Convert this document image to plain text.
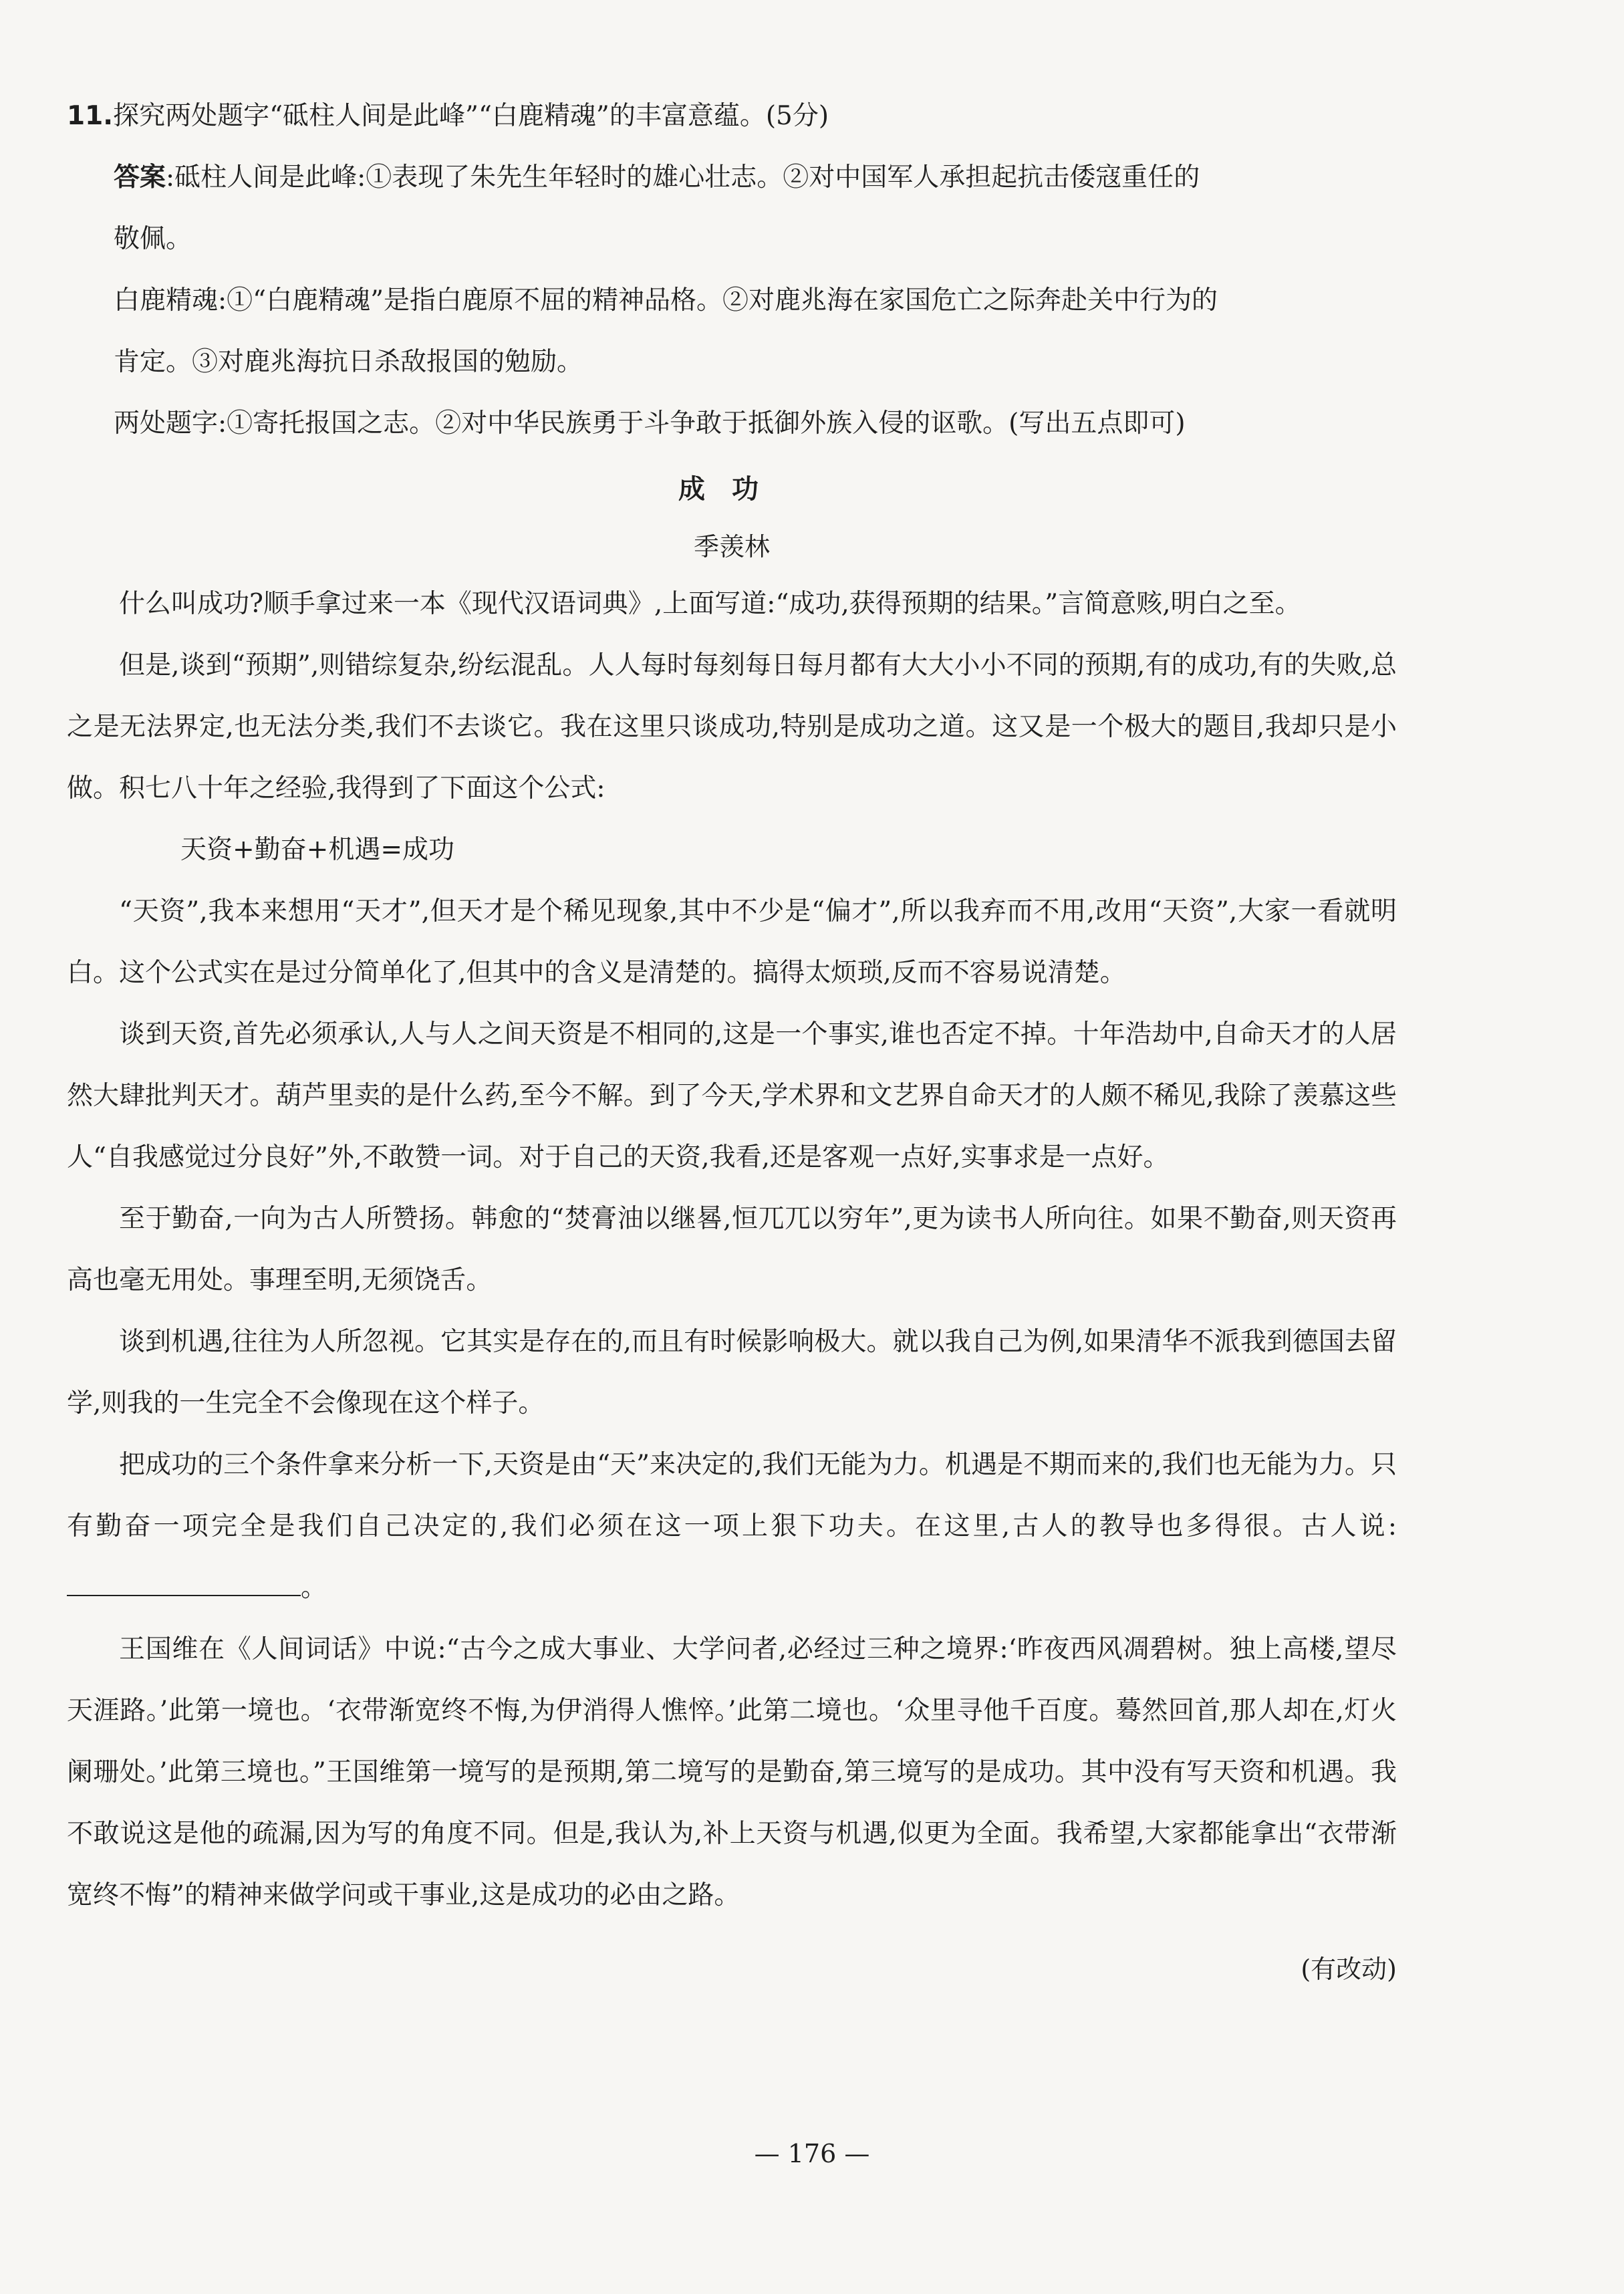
11.探究两处题字“砥柱人间是此峰”“白鹿精魂”的丰富意蕴。(5分)
答案:砥柱人间是此峰:①表现了朱先生年轻时的雄心壮志。②对中国军人承担起抗击倭寇重任的
敬佩。
白鹿精魂:①“白鹿精魂”是指白鹿原不屈的精神品格。②对鹿兆海在家国危亡之际奔赴关中行为的
肯定。③对鹿兆海抗日杀敌报国的勉励。
两处题字:①寄托报国之志。②对中华民族勇于斗争敢于抵御外族入侵的讴歌。(写出五点即可)
成功
季羡林
什么叫成功?顺手拿过来一本《现代汉语词典》,上面写道:“成功,获得预期的结果。”言简意赅,明白之至。
但是,谈到“预期”,则错综复杂,纷纭混乱。人人每时每刻每日每月都有大大小小不同的预期,有的成功,有的失败,总之是无法界定,也无法分类,我们不去谈它。我在这里只谈成功,特别是成功之道。这又是一个极大的题目,我却只是小做。积七八十年之经验,我得到了下面这个公式:
天资+勤奋+机遇=成功
“天资”,我本来想用“天才”,但天才是个稀见现象,其中不少是“偏才”,所以我弃而不用,改用“天资”,大家一看就明白。这个公式实在是过分简单化了,但其中的含义是清楚的。搞得太烦琐,反而不容易说清楚。
谈到天资,首先必须承认,人与人之间天资是不相同的,这是一个事实,谁也否定不掉。十年浩劫中,自命天才的人居然大肆批判天才。葫芦里卖的是什么药,至今不解。到了今天,学术界和文艺界自命天才的人颇不稀见,我除了羡慕这些人“自我感觉过分良好”外,不敢赞一词。对于自己的天资,我看,还是客观一点好,实事求是一点好。
至于勤奋,一向为古人所赞扬。韩愈的“焚膏油以继晷,恒兀兀以穷年”,更为读书人所向往。如果不勤奋,则天资再高也毫无用处。事理至明,无须饶舌。
谈到机遇,往往为人所忽视。它其实是存在的,而且有时候影响极大。就以我自己为例,如果清华不派我到德国去留学,则我的一生完全不会像现在这个样子。
把成功的三个条件拿来分析一下,天资是由“天”来决定的,我们无能为力。机遇是不期而来的,我们也无能为力。只有勤奋一项完全是我们自己决定的,我们必须在这一项上狠下功夫。在这里,古人的教导也多得很。古人说:。
王国维在《人间词话》中说:“古今之成大事业、大学问者,必经过三种之境界:‘昨夜西风凋碧树。独上高楼,望尽天涯路。’此第一境也。‘衣带渐宽终不悔,为伊消得人憔悴。’此第二境也。‘众里寻他千百度。蓦然回首,那人却在,灯火阑珊处。’此第三境也。”王国维第一境写的是预期,第二境写的是勤奋,第三境写的是成功。其中没有写天资和机遇。我不敢说这是他的疏漏,因为写的角度不同。但是,我认为,补上天资与机遇,似更为全面。我希望,大家都能拿出“衣带渐宽终不悔”的精神来做学问或干事业,这是成功的必由之路。
(有改动)
— 176 —
